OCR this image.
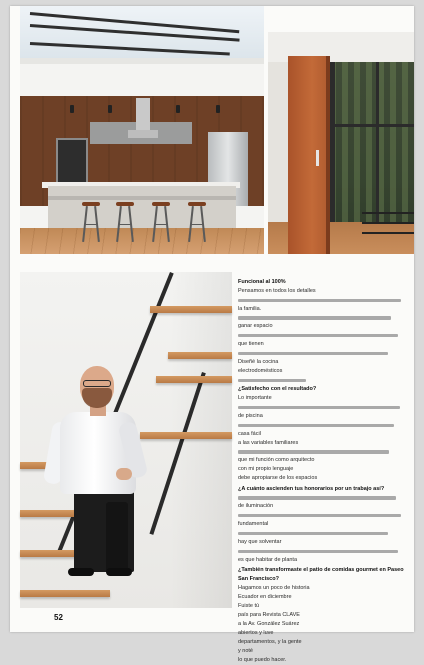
Funcional al 100%

Pensamos en todos los detalles

la familia.

ganar espacio

que tienen

Diseñé la cocina

electrodomésticos

¿Satisfecho con el resultado?

Lo importante

de piscina

casa fácil

a las variables familiares

que mi función como arquitecto

con mi propio lenguaje

debe apropiarse de los espacios

¿A cuánto ascienden tus honorarios por un trabajo así?

de iluminación

fundamental

hay que solventar

es que habitar de planta

¿También transformaste el patio de comidas gourmet en Paseo San Francisco?

Hagamos un poco de historia

Ecuador en diciembre

Fuiste tú

país para Revista CLAVE

a la Av. González Suárez

abiertos y luve

departamentos, y la gente

y noté

lo que puedo hacer.

52
